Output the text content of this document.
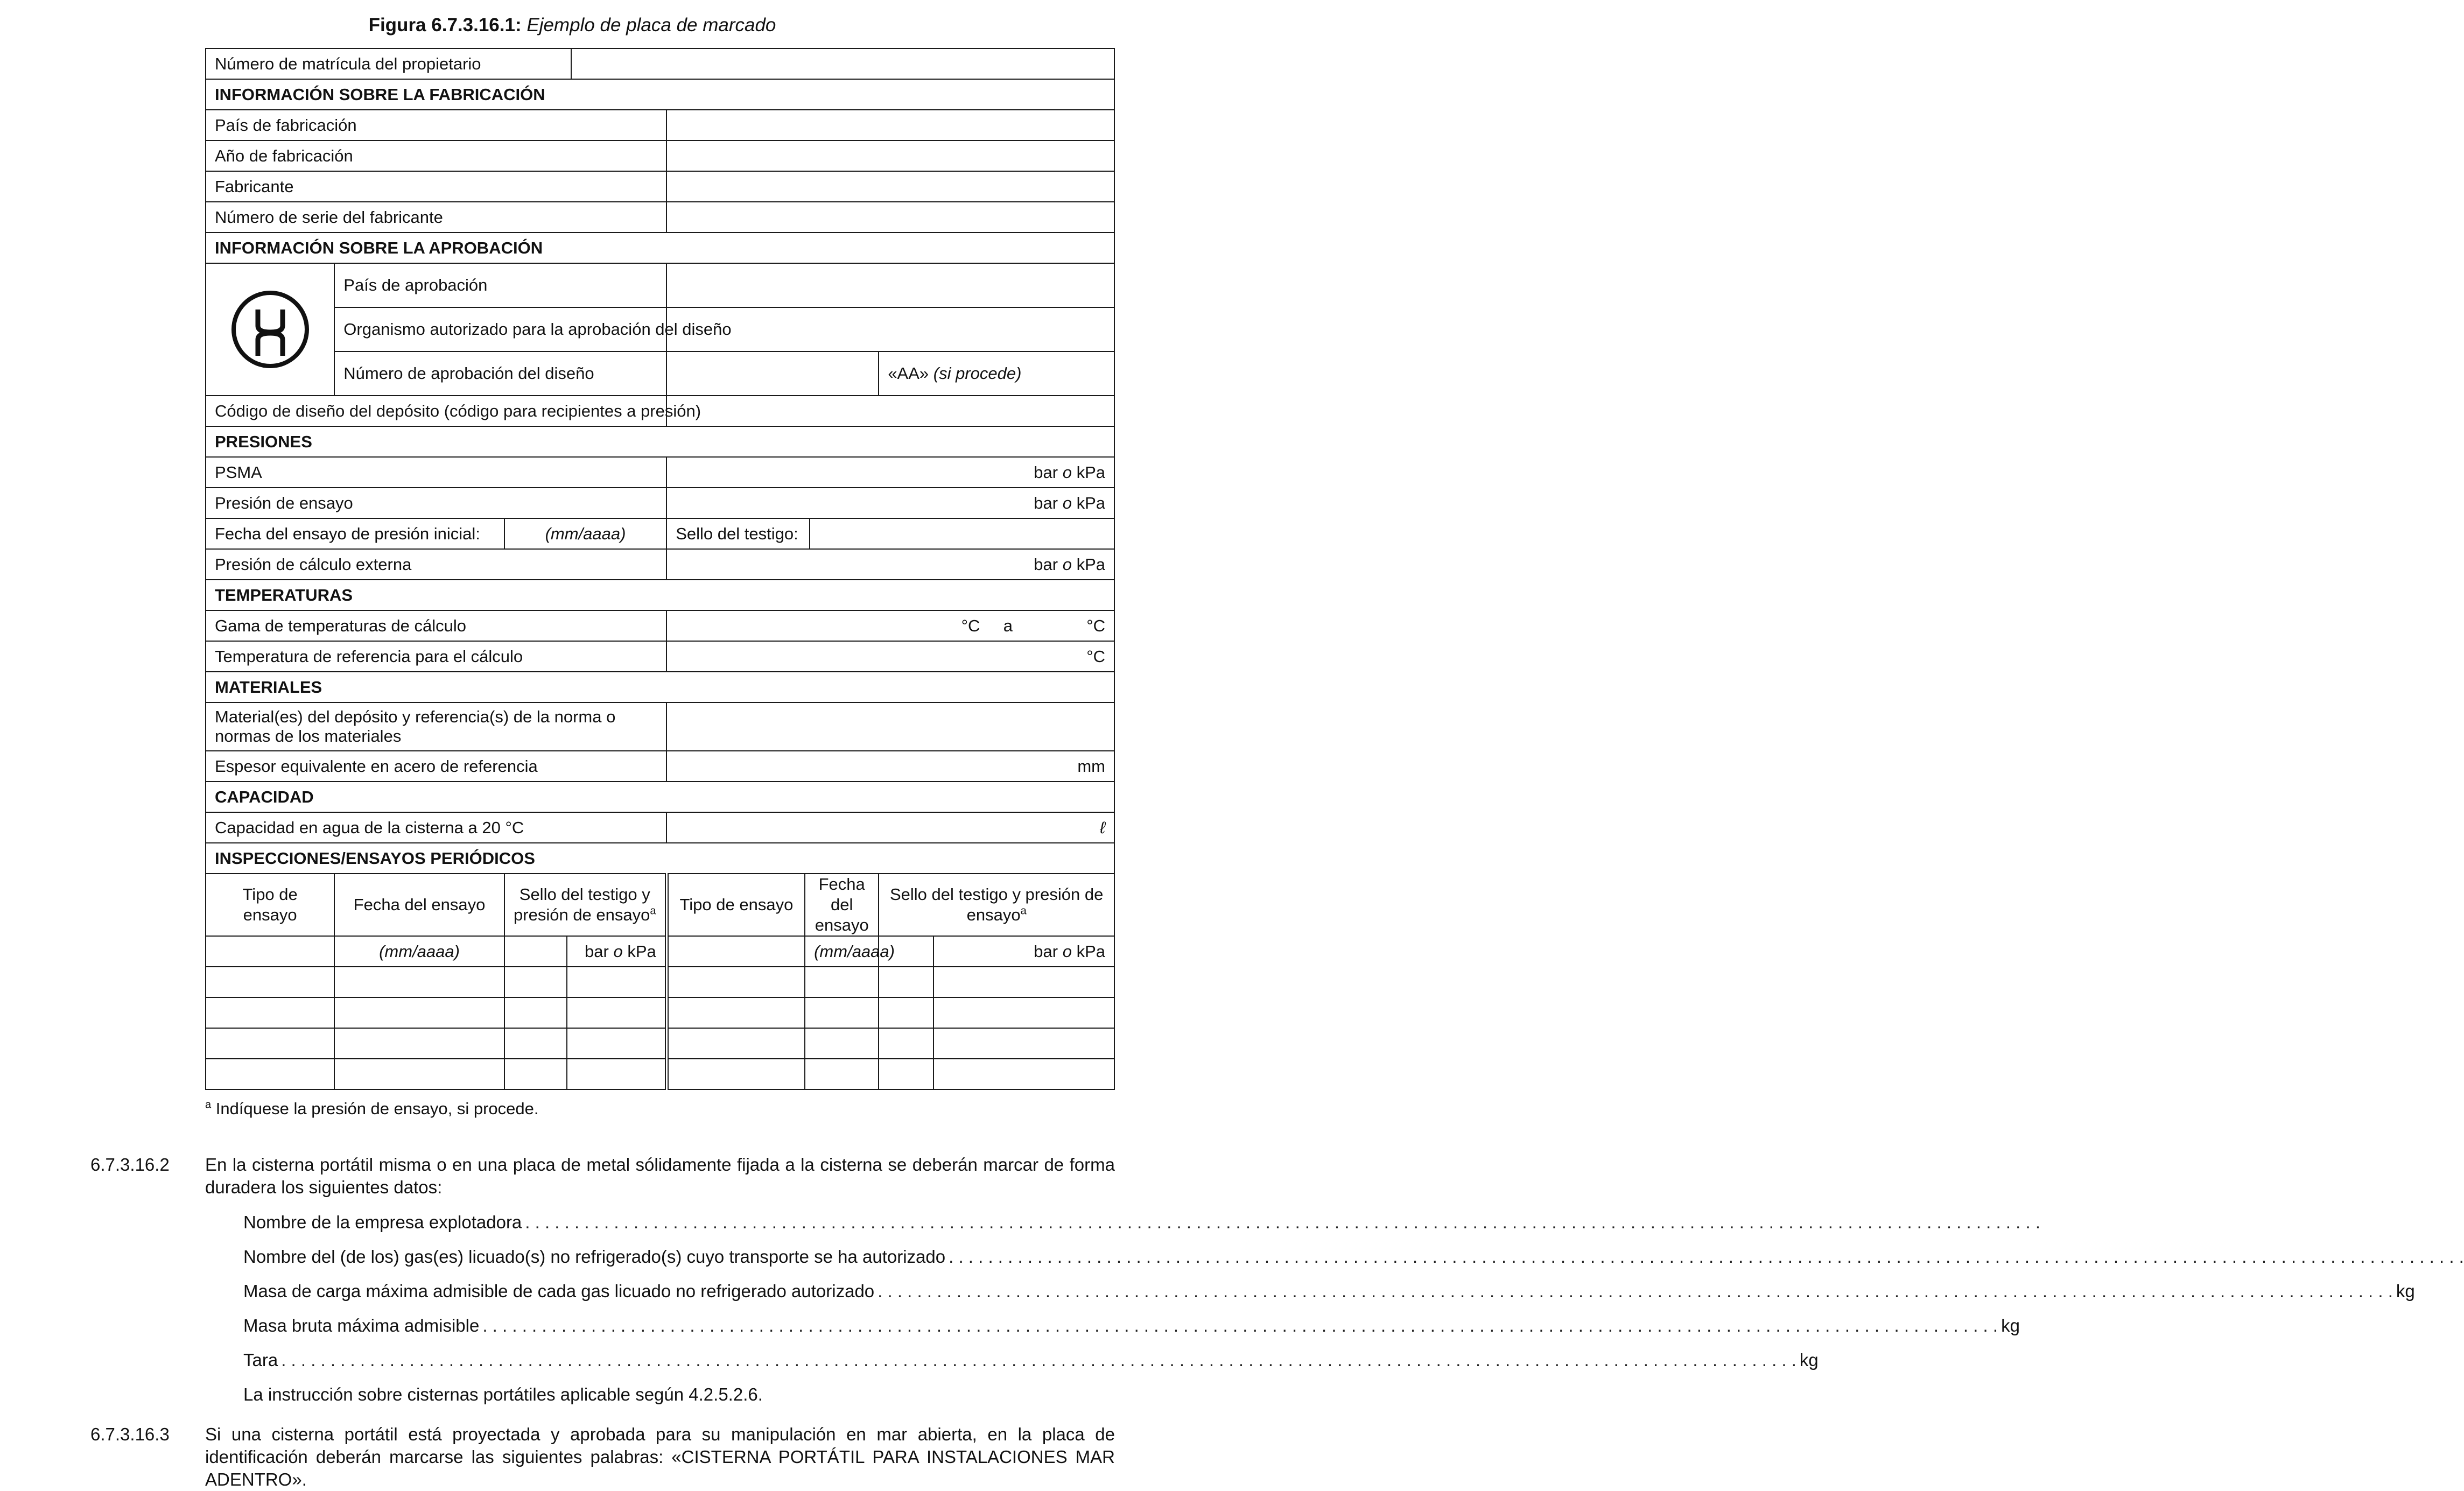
Figura 6.7.3.16.1: Ejemplo de placa de marcado
Número de matrícula del propietario									
INFORMACIÓN SOBRE LA FABRICACIÓN									
País de fabricación									
Año de fabricación									
Fabricante									
Número de serie del fabricante									
INFORMACIÓN SOBRE LA APROBACIÓN									
	País de aprobación								
	Organismo autorizado para la aprobación del diseño								
	Número de aprobación del diseño							«AA» (si procede)	
Código de diseño del depósito (código para recipientes a presión)									
PRESIONES									
PSMA					bar o kPa				
Presión de ensayo					bar o kPa				
Fecha del ensayo de presión inicial:		(mm/aaaa)			Sello del testigo:				
Presión de cálculo externa					bar o kPa				
TEMPERATURAS									
Gama de temperaturas de cálculo					°C a °C				
Temperatura de referencia para el cálculo					°C				
MATERIALES									
Material(es) del depósito y referencia(s) de la norma o normas de los materiales									
Espesor equivalente en acero de referencia					mm				
CAPACIDAD									
Capacidad en agua de la cisterna a 20 °C					ℓ				
INSPECCIONES/ENSAYOS PERIÓDICOS									
Tipo de ensayo	Fecha del ensayo	Sello del testigo y presión de ensayo$^a$			Tipo de ensayo	Fecha del ensayo		Sello del testigo y presión de ensayo$^a$
	(mm/aaaa)		bar o kPa			(mm/aaaa)			bar o kPa

$^a$ Indíquese la presión de ensayo, si procede.
6.7.3.16.2	En la cisterna portátil misma o en una placa de metal sólidamente fijada a la cisterna se deberán marcar de forma duradera los siguientes datos:
Nombre de la empresa explotadora
. . .
Nombre del (de los) gas(es) licuado(s) no refrigerado(s) cuyo transporte se ha autorizado
. . .
Masa de carga máxima admisible de cada gas licuado no refrigerado autorizado . . .	kg
Masa bruta máxima admisible . . .	kg
Tara . . .	kg
La instrucción sobre cisternas portátiles aplicable según 4.2.5.2.6.
6.7.3.16.3	Si una cisterna portátil está proyectada y aprobada para su manipulación en mar abierta, en la placa de identificación deberán marcarse las siguientes palabras: «CISTERNA PORTÁTIL PARA INSTALACIONES MAR ADENTRO».
